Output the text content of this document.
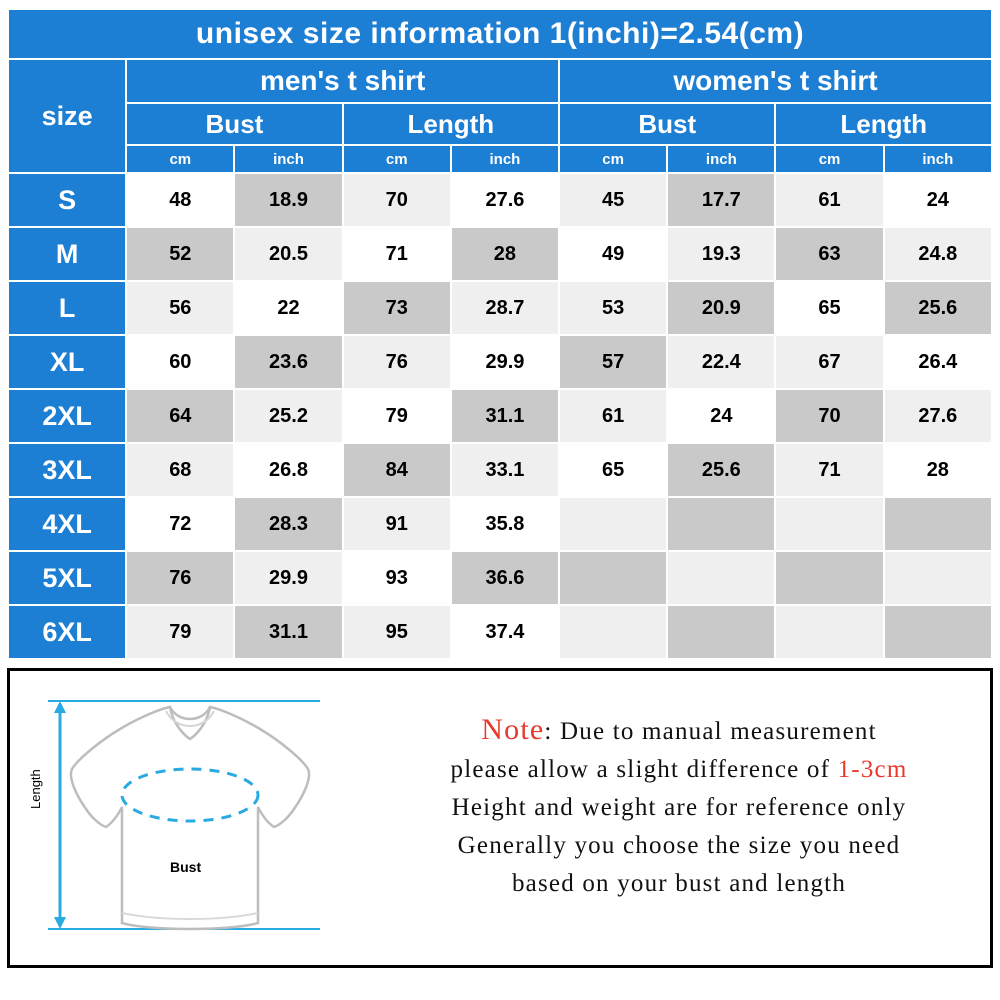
unisex size information 1(inchi)=2.54(cm)								
size	men's t shirt				women's t shirt			
	Bust		Length		Bust		Length	
	cm	inch	cm	inch	cm	inch	cm	inch
S	48	18.9	70	27.6	45	17.7	61	24
M	52	20.5	71	28	49	19.3	63	24.8
L	56	22	73	28.7	53	20.9	65	25.6
XL	60	23.6	76	29.9	57	22.4	67	26.4
2XL	64	25.2	79	31.1	61	24	70	27.6
3XL	68	26.8	84	33.1	65	25.6	71	28
4XL	72	28.3	91	35.8				
5XL	76	29.9	93	36.6				
6XL	79	31.1	95	37.4				
Length
Bust
Note: Due to manual measurement
please allow a slight difference of 1-3cm
Height and weight are for reference only
Generally you choose the size you need
based on your bust and length
